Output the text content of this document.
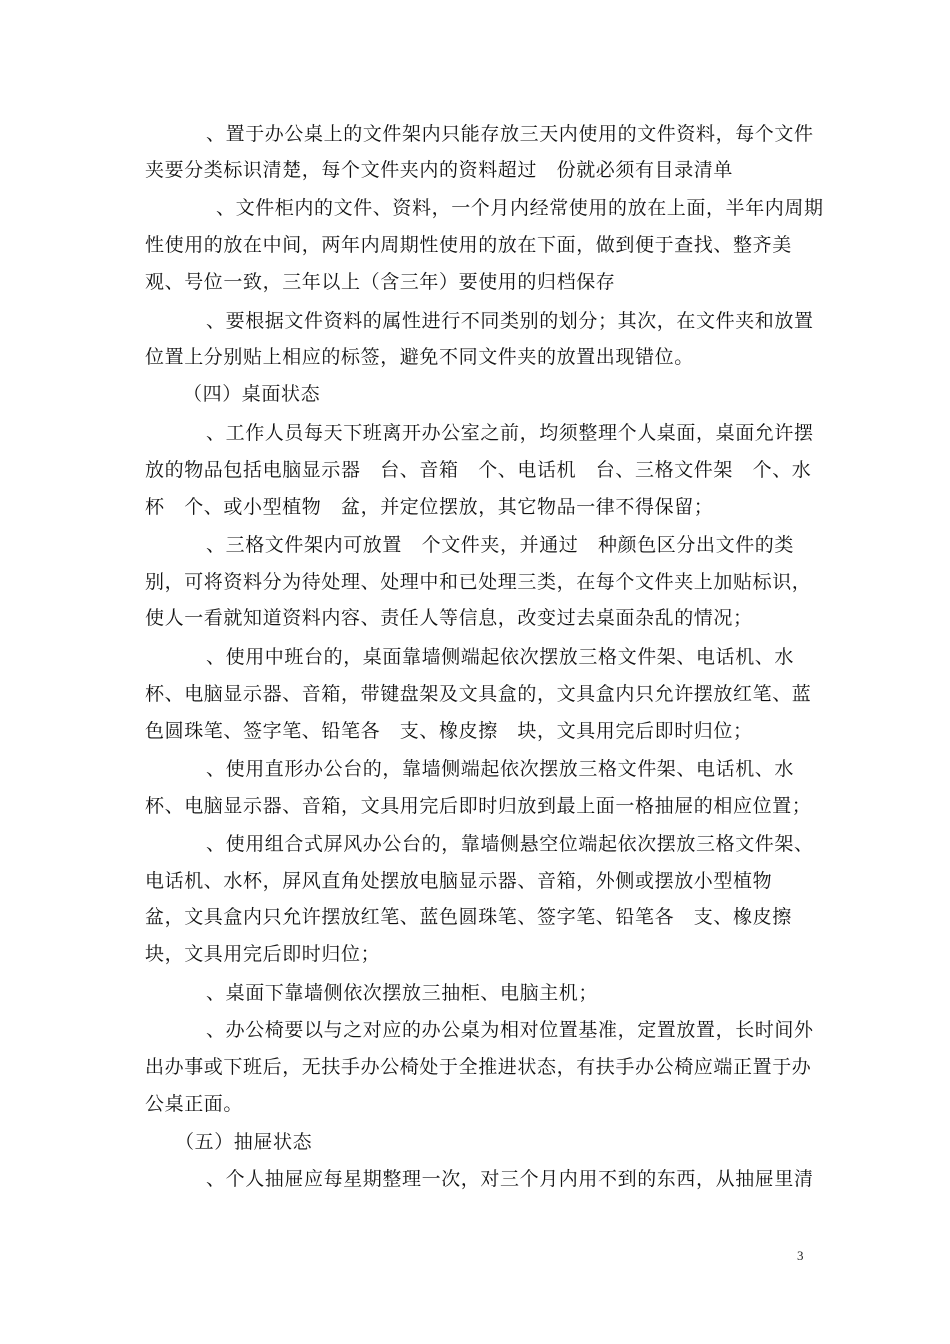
、置于办公桌上的文件架内只能存放三天内使用的文件资料，每个文件
夹要分类标识清楚，每个文件夹内的资料超过　份就必须有目录清单
、文件柜内的文件、资料，一个月内经常使用的放在上面，半年内周期
性使用的放在中间，两年内周期性使用的放在下面，做到便于查找、整齐美
观、号位一致，三年以上（含三年）要使用的归档保存
、要根据文件资料的属性进行不同类别的划分；其次，在文件夹和放置
位置上分别贴上相应的标签，避免不同文件夹的放置出现错位。
（四）桌面状态
、工作人员每天下班离开办公室之前，均须整理个人桌面，桌面允许摆
放的物品包括电脑显示器　台、音箱　个、电话机　台、三格文件架　个、水
杯　个、或小型植物　盆，并定位摆放，其它物品一律不得保留；
、三格文件架内可放置　个文件夹，并通过　种颜色区分出文件的类
别，可将资料分为待处理、处理中和已处理三类，在每个文件夹上加贴标识，
使人一看就知道资料内容、责任人等信息，改变过去桌面杂乱的情况；
、使用中班台的，桌面靠墙侧端起依次摆放三格文件架、电话机、水
杯、电脑显示器、音箱，带键盘架及文具盒的，文具盒内只允许摆放红笔、蓝
色圆珠笔、签字笔、铅笔各　支、橡皮擦　块，文具用完后即时归位；
、使用直形办公台的，靠墙侧端起依次摆放三格文件架、电话机、水
杯、电脑显示器、音箱，文具用完后即时归放到最上面一格抽屉的相应位置；
、使用组合式屏风办公台的，靠墙侧悬空位端起依次摆放三格文件架、
电话机、水杯，屏风直角处摆放电脑显示器、音箱，外侧或摆放小型植物
盆，文具盒内只允许摆放红笔、蓝色圆珠笔、签字笔、铅笔各　支、橡皮擦
块，文具用完后即时归位；
、桌面下靠墙侧依次摆放三抽柜、电脑主机；
、办公椅要以与之对应的办公桌为相对位置基准，定置放置，长时间外
出办事或下班后，无扶手办公椅处于全推进状态，有扶手办公椅应端正置于办
公桌正面。
（五）抽屉状态
、个人抽屉应每星期整理一次，对三个月内用不到的东西，从抽屉里清
3
